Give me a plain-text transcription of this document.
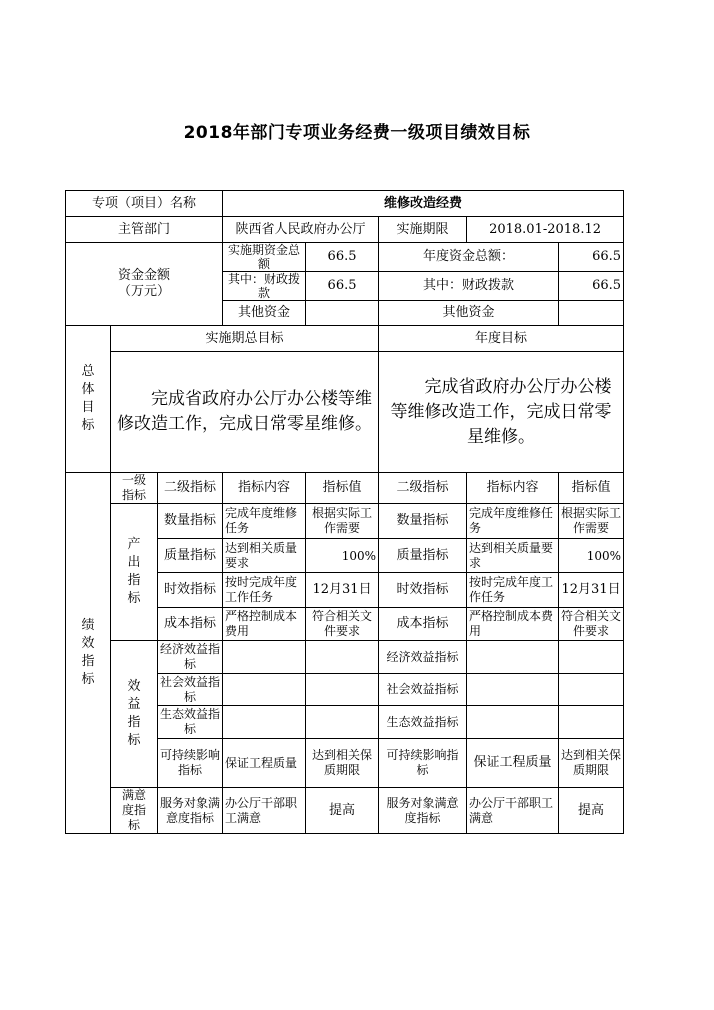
2018年部门专项业务经费一级项目绩效目标
专项（项目）名称			维修改造经费				
主管部门			陕西省人民政府办公厅		实施期限	2018.01-2018.12	

资金金额
（万元）			实施期资金总额	66.5	年度资金总额：		66.5
			其中：财政拨款	66.5	其中：财政拨款		66.5
			其他资金		其他资金		

总体目标	实施期总目标				年度目标		

	完成省政府办公厅办公楼等维修改造工作，完成日常零星维修。				完成省政府办公厅办公楼等维修改造工作，完成日常零星维修。		

绩效指标	一级指标	二级指标	指标内容	指标值	二级指标	指标内容	指标值

	产出指标	数量指标	完成年度维修任务	根据实际工作需要	数量指标	完成年度维修任务	根据实际工作需要
		质量指标	达到相关质量要求	100%	质量指标	达到相关质量要求	100%
		时效指标	按时完成年度工作任务	12月31日	时效指标	按时完成年度工作任务	12月31日
		成本指标	严格控制成本费用	符合相关文件要求	成本指标	严格控制成本费用	符合相关文件要求

	效益指标	经济效益指标			经济效益指标		
		社会效益指标			社会效益指标		
		生态效益指标			生态效益指标		
		可持续影响指标	保证工程质量	达到相关保质期限	可持续影响指标	保证工程质量	达到相关保质期限

	满意度指标	服务对象满意度指标	办公厅干部职工满意	提高	服务对象满意度指标	办公厅干部职工满意	提高
